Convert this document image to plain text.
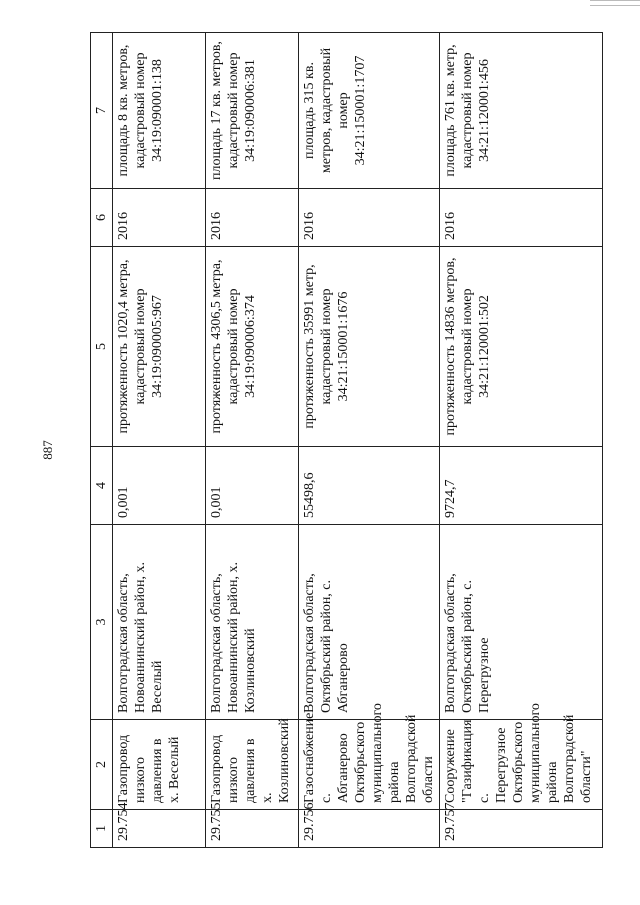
887
1	2	3	4	5	6	7
29.754	Газопровод низкого давления в х. Веселый	Волгоградская область, Новоаннинский район, х. Веселый	0,001	протяженность 1020,4 метра, кадастровый номер 34:19:090005:967	2016	площадь 8 кв. метров, кадастровый номер 34:19:090001:138
29.755	Газопровод низкого давления в х. Козлиновский	Волгоградская область, Новоаннинский район, х. Козлиновский	0,001	протяженность 4306,5 метра, кадастровый номер 34:19:090006:374	2016	площадь 17 кв. метров, кадастровый номер 34:19:090006:381
29.756	Газоснабжение с. Абганерово Октябрьского муниципального района Волгоградской области	Волгоградская область, Октябрьский район, с. Абганерово	55498,6	протяженность 35991 метр, кадастровый номер 34:21:150001:1676	2016	площадь 315 кв. метров, кадастровый номер 34:21:150001:1707
29.757	Сооружение "Газификация с. Перегрузное Октябрьского муниципального района Волгоградской области"	Волгоградская область, Октябрьский район, с. Перегрузное	9724,7	протяженность 14836 метров, кадастровый номер 34:21:120001:502	2016	площадь 761 кв. метр, кадастровый номер 34:21:120001:456
